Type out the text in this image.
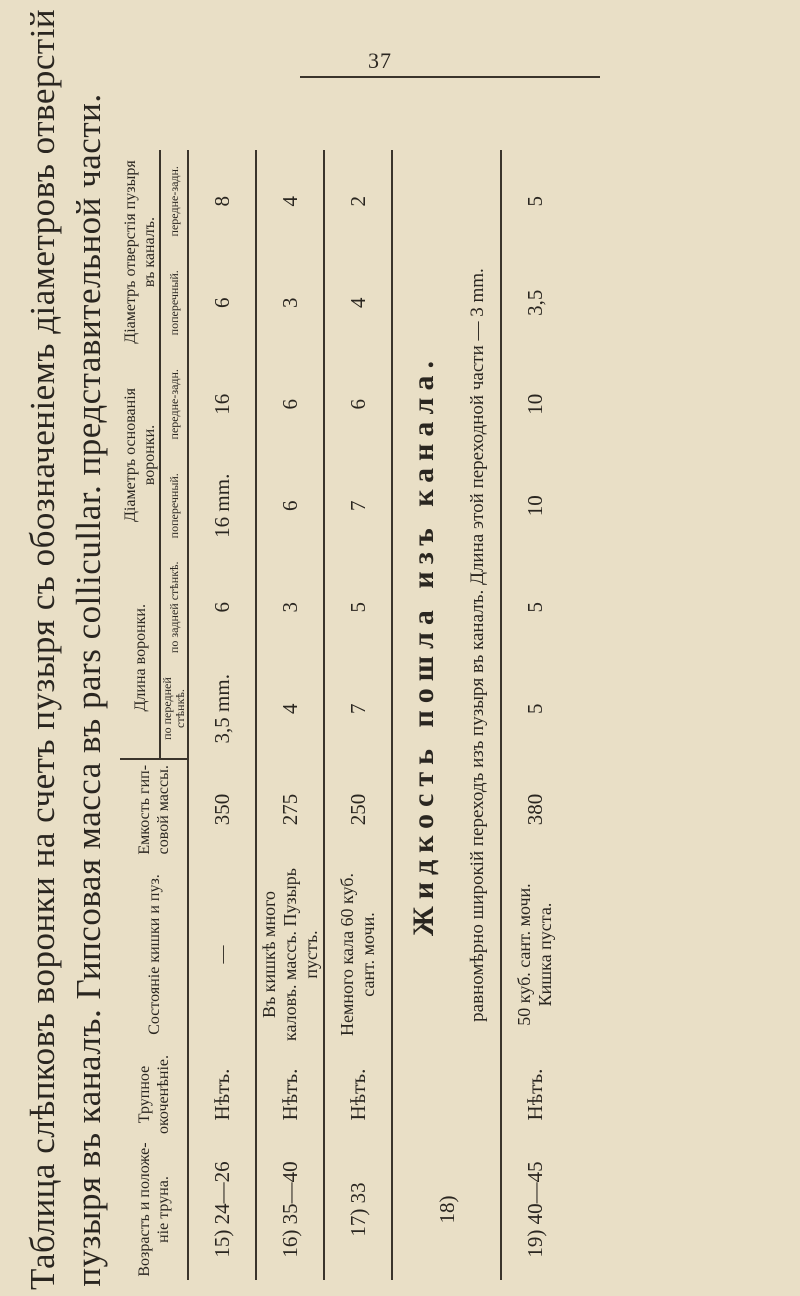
37
Таблица слѣпковъ воронки на счетъ пузыря съ обозначеніемъ діаметровъ отверстій пузыря въ каналъ. Гипсовая масса въ pars collicullar. представительной части. Возрастъ и положе-ніе труна.	Трупное окоченѣніе.	Состояніе кишки и пуз.	Емкость гип-совой массы.	Длина воронки.		Діаметръ основанія воронки.		Діаметръ отверстія пузыря въ каналъ.	
				по передней стѣнкѣ.	по задней стѣнкѣ.	поперечный.	передне-задн.	поперечный.	передне-задн.
15) 24—26	Нѣтъ.	—	350	3,5 mm.	6	16 mm.	16	6	8
16) 35—40	Нѣтъ.	Въ кишкѣ много каловъ. массъ. Пузырь пустъ.	275	4	3	6	6	3	4
17) 33	Нѣтъ.	Немного кала 60 куб. сант. мочи.	250	7	5	7	6	4	2
18)	Жидкость пошла изъ канала.								
	равномѣрно широкій переходъ изъ пузыря въ каналъ. Длина этой переходной части — 3 mm.								
19) 40—45	Нѣтъ.	50 куб. сант. мочи. Кишка пуста.	380	5	5	10	10	3,5	5
